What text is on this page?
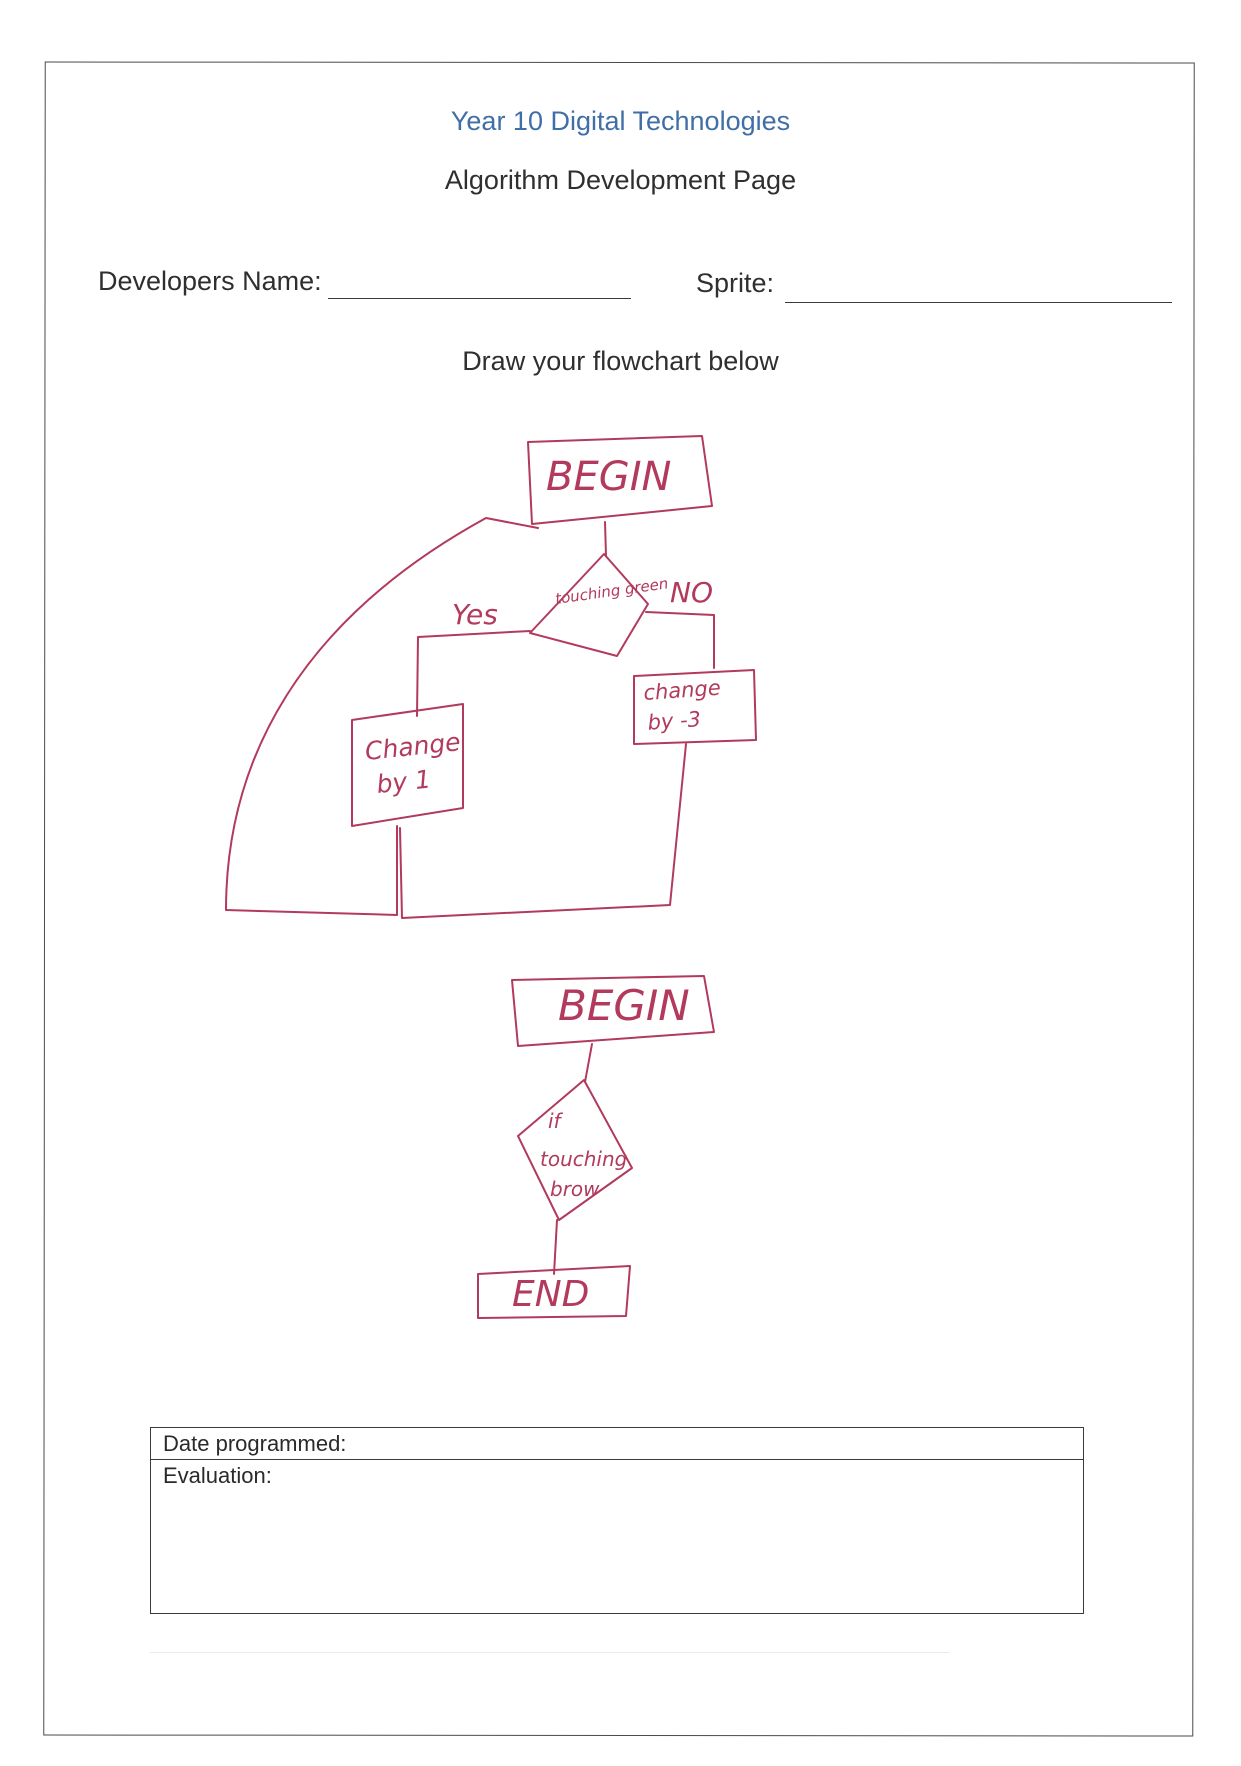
Year 10 Digital Technologies
Algorithm Development Page
Developers Name:	Sprite:
Draw your flowchart below
BEGIN
touching green
Yes
NO
Change by 1
change by -3
BEGIN
if touching brow
END
Date programmed:
Evaluation:
